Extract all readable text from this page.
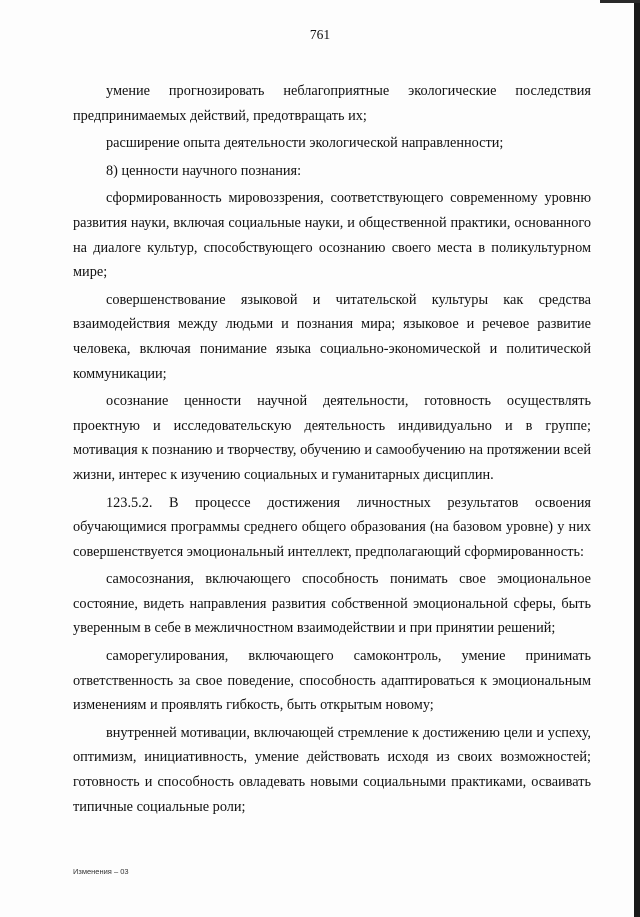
761

умение прогнозировать неблагоприятные экологические последствия предпринимаемых действий, предотвращать их;

расширение опыта деятельности экологической направленности;

8) ценности научного познания:

сформированность мировоззрения, соответствующего современному уровню развития науки, включая социальные науки, и общественной практики, основанного на диалоге культур, способствующего осознанию своего места в поликультурном мире;

совершенствование языковой и читательской культуры как средства взаимодействия между людьми и познания мира; языковое и речевое развитие человека, включая понимание языка социально-экономической и политической коммуникации;

осознание ценности научной деятельности, готовность осуществлять проектную и исследовательскую деятельность индивидуально и в группе; мотивация к познанию и творчеству, обучению и самообучению на протяжении всей жизни, интерес к изучению социальных и гуманитарных дисциплин.

123.5.2. В процессе достижения личностных результатов освоения обучающимися программы среднего общего образования (на базовом уровне) у них совершенствуется эмоциональный интеллект, предполагающий сформированность:

самосознания, включающего способность понимать свое эмоциональное состояние, видеть направления развития собственной эмоциональной сферы, быть уверенным в себе в межличностном взаимодействии и при принятии решений;

саморегулирования, включающего самоконтроль, умение принимать ответственность за свое поведение, способность адаптироваться к эмоциональным изменениям и проявлять гибкость, быть открытым новому;

внутренней мотивации, включающей стремление к достижению цели и успеху, оптимизм, инициативность, умение действовать исходя из своих возможностей; готовность и способность овладевать новыми социальными практиками, осваивать типичные социальные роли;

Изменения – 03
